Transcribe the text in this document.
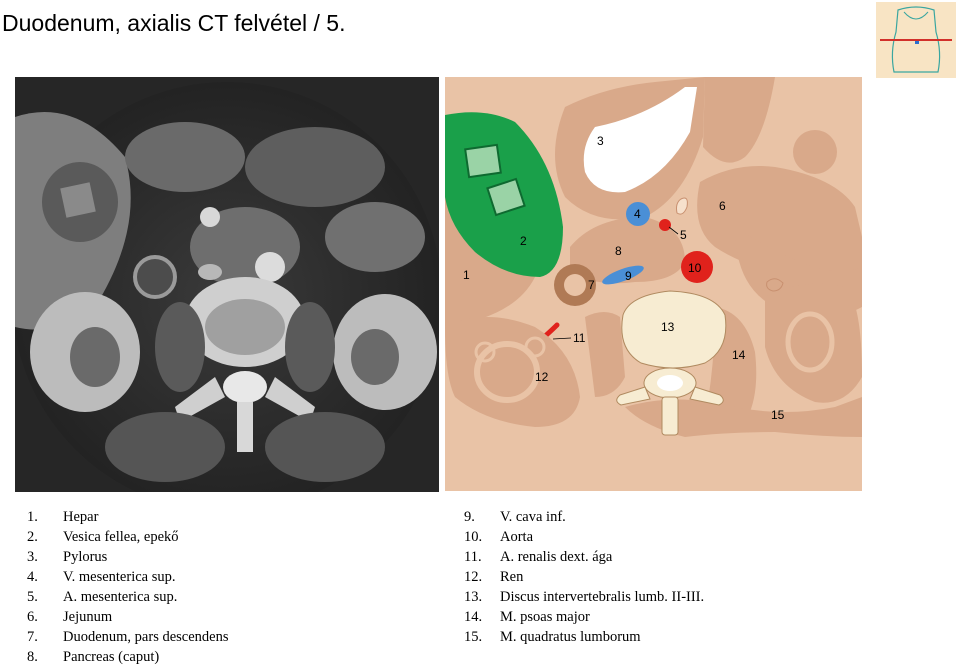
Duodenum, axialis CT felvétel / 5.
1
2
3
4
5
6
7
8
9
10
11
12
13
14
15
1.	Hepar
2.	Vesica fellea, epekő
3.	Pylorus
4.	V. mesenterica sup.
5.	A. mesenterica sup.
6.	Jejunum
7.	Duodenum, pars descendens
8.	Pancreas (caput)
9.	V. cava inf.
10.	Aorta
11.	A. renalis dext. ága
12.	Ren
13.	Discus intervertebralis lumb. II-III.
14.	M. psoas major
15.	M. quadratus lumborum
